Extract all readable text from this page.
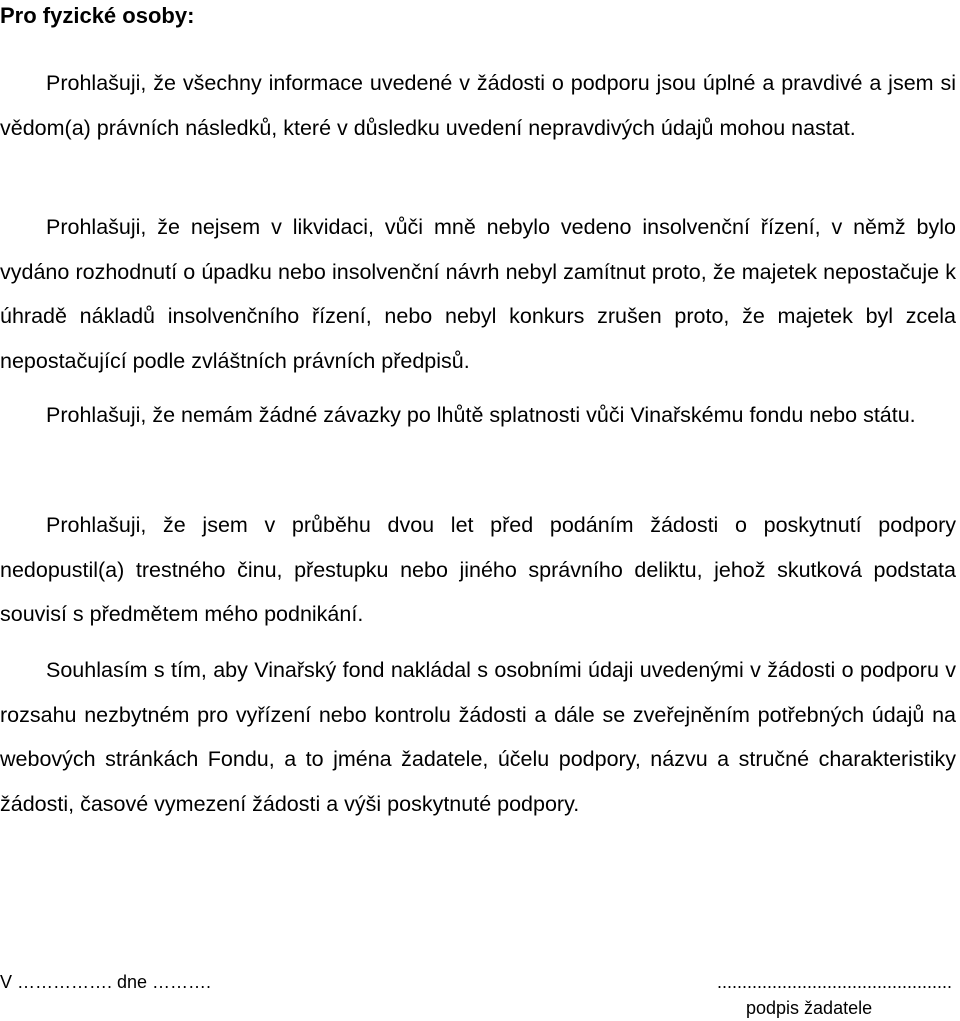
Pro fyzické osoby:

Prohlašuji, že všechny informace uvedené v žádosti o podporu jsou úplné a pravdivé a jsem si vědom(a) právních následků, které v důsledku uvedení nepravdivých údajů mohou nastat.

Prohlašuji, že nejsem v likvidaci, vůči mně nebylo vedeno insolvenční řízení, v němž bylo vydáno rozhodnutí o úpadku nebo insolvenční návrh nebyl zamítnut proto, že majetek nepostačuje k úhradě nákladů insolvenčního řízení, nebo nebyl konkurs zrušen proto, že majetek byl zcela nepostačující podle zvláštních právních předpisů.

Prohlašuji, že nemám žádné závazky po lhůtě splatnosti vůči Vinařskému fondu nebo státu.

Prohlašuji, že jsem v průběhu dvou let před podáním žádosti o poskytnutí podpory nedopustil(a) trestného činu, přestupku nebo jiného správního deliktu, jehož skutková podstata souvisí s předmětem mého podnikání.

Souhlasím s tím, aby Vinařský fond nakládal s osobními údaji uvedenými v žádosti o podporu v rozsahu nezbytném pro vyřízení nebo kontrolu žádosti a dále se zveřejněním potřebných údajů na webových stránkách Fondu, a to jména žadatele, účelu podpory, názvu a stručné charakteristiky žádosti, časové vymezení žádosti a výši poskytnuté podpory.

V ……………. dne ……….	...............................................
podpis žadatele
